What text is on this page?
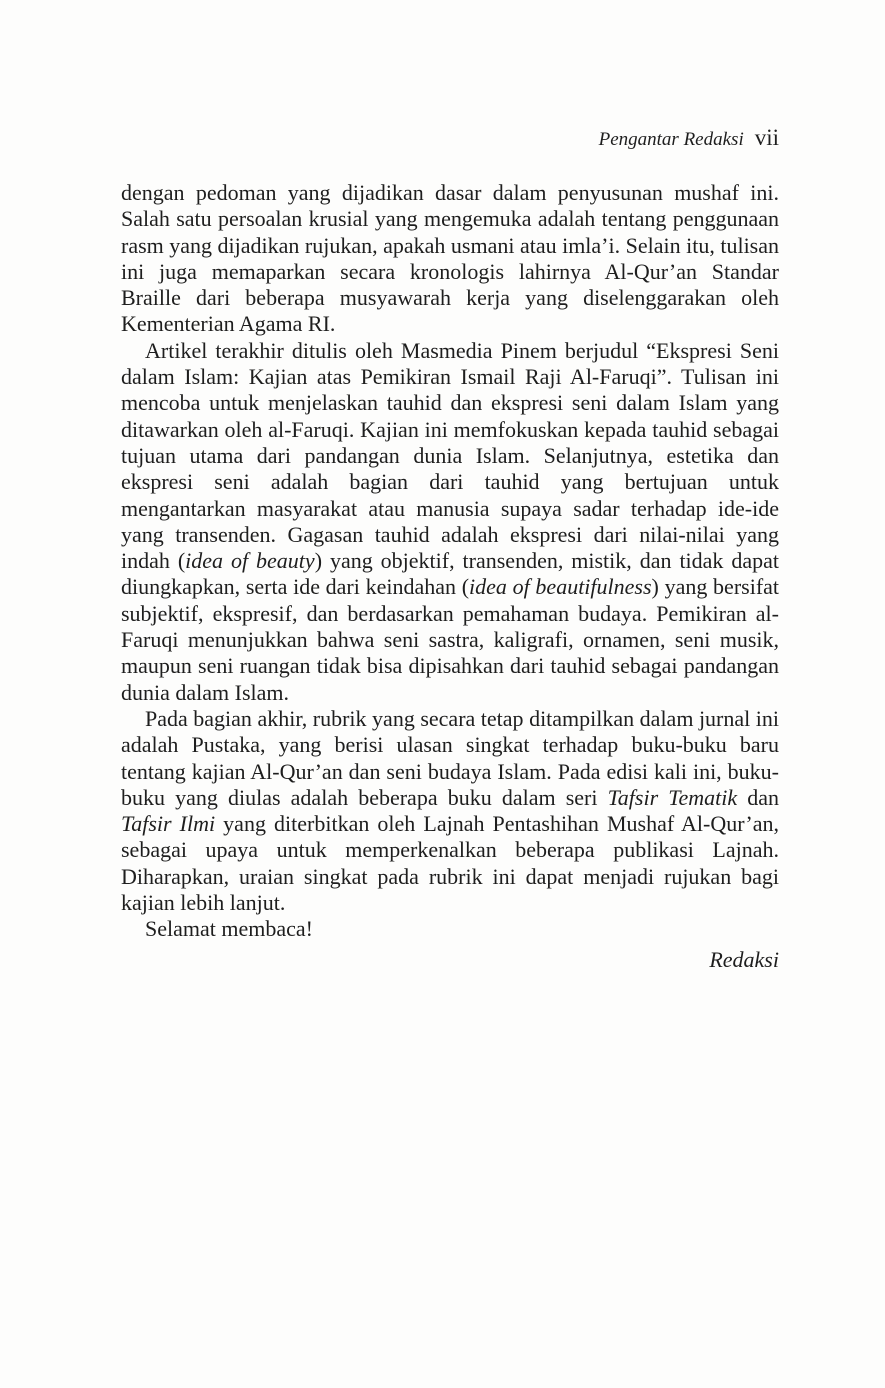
Pengantar Redaksi vii

dengan pedoman yang dijadikan dasar dalam penyusunan mushaf ini. Salah satu persoalan krusial yang mengemuka adalah tentang penggunaan rasm yang dijadikan rujukan, apakah usmani atau imla’i. Selain itu, tulisan ini juga memaparkan secara kronologis lahirnya Al-Qur’an Standar Braille dari beberapa musyawarah kerja yang diselenggarakan oleh Kementerian Agama RI.

Artikel terakhir ditulis oleh Masmedia Pinem berjudul “Ekspresi Seni dalam Islam: Kajian atas Pemikiran Ismail Raji Al-Faruqi”. Tulisan ini mencoba untuk menjelaskan tauhid dan ekspresi seni dalam Islam yang ditawarkan oleh al-Faruqi. Kajian ini memfokuskan kepada tauhid sebagai tujuan utama dari pandangan dunia Islam. Selanjutnya, estetika dan ekspresi seni adalah bagian dari tauhid yang bertujuan untuk mengantarkan masyarakat atau manusia supaya sadar terhadap ide-ide yang transenden. Gagasan tauhid adalah ekspresi dari nilai-nilai yang indah (idea of beauty) yang objektif, transenden, mistik, dan tidak dapat diungkapkan, serta ide dari keindahan (idea of beautifulness) yang bersifat subjektif, ekspresif, dan berdasarkan pemahaman budaya. Pemikiran al-Faruqi menunjukkan bahwa seni sastra, kaligrafi, ornamen, seni musik, maupun seni ruangan tidak bisa dipisahkan dari tauhid sebagai pandangan dunia dalam Islam.

Pada bagian akhir, rubrik yang secara tetap ditampilkan dalam jurnal ini adalah Pustaka, yang berisi ulasan singkat terhadap buku-buku baru tentang kajian Al-Qur’an dan seni budaya Islam. Pada edisi kali ini, buku-buku yang diulas adalah beberapa buku dalam seri Tafsir Tematik dan Tafsir Ilmi yang diterbitkan oleh Lajnah Pentashihan Mushaf Al-Qur’an, sebagai upaya untuk memperkenalkan beberapa publikasi Lajnah. Diharapkan, uraian singkat pada rubrik ini dapat menjadi rujukan bagi kajian lebih lanjut.

Selamat membaca!

Redaksi
